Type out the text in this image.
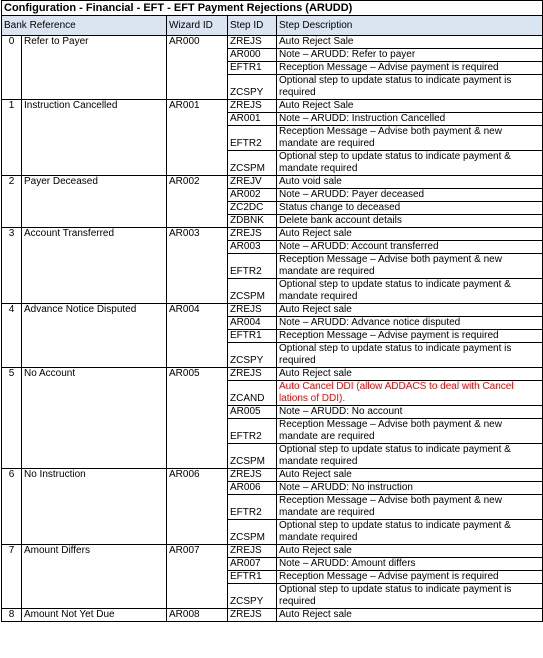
Configuration - Financial - EFT - EFT Payment Rejections (ARUDD)				
Bank Reference		Wizard ID	Step ID	Step Description
0	Refer to Payer	AR000	ZREJS	Auto Reject Sale
			AR000	Note – ARUDD: Refer to payer
			EFTR1	Reception Message – Advise payment is required
			ZCSPY	Optional step to update status to indicate payment is required
1	Instruction Cancelled	AR001	ZREJS	Auto Reject Sale
			AR001	Note – ARUDD: Instruction Cancelled
			EFTR2	Reception Message – Advise both payment & new mandate are required
			ZCSPM	Optional step to update status to indicate payment & mandate required
2	Payer Deceased	AR002	ZREJV	Auto void sale
			AR002	Note – ARUDD: Payer deceased
			ZC2DC	Status change to deceased
			ZDBNK	Delete bank account details
3	Account Transferred	AR003	ZREJS	Auto Reject sale
			AR003	Note – ARUDD: Account transferred
			EFTR2	Reception Message – Advise both payment & new mandate are required
			ZCSPM	Optional step to update status to indicate payment & mandate required
4	Advance Notice Disputed	AR004	ZREJS	Auto Reject sale
			AR004	Note – ARUDD: Advance notice disputed
			EFTR1	Reception Message – Advise payment is required
			ZCSPY	Optional step to update status to indicate payment is required
5	No Account	AR005	ZREJS	Auto Reject sale
			ZCAND	Auto Cancel DDI (allow ADDACS to deal with Cancel lations of DDI).
			AR005	Note – ARUDD: No account
			EFTR2	Reception Message – Advise both payment & new mandate are required
			ZCSPM	Optional step to update status to indicate payment & mandate required
6	No Instruction	AR006	ZREJS	Auto Reject sale
			AR006	Note – ARUDD: No instruction
			EFTR2	Reception Message – Advise both payment & new mandate are required
			ZCSPM	Optional step to update status to indicate payment & mandate required
7	Amount Differs	AR007	ZREJS	Auto Reject sale
			AR007	Note – ARUDD: Amount differs
			EFTR1	Reception Message – Advise payment is required
			ZCSPY	Optional step to update status to indicate payment is required
8	Amount Not Yet Due	AR008	ZREJS	Auto Reject sale
